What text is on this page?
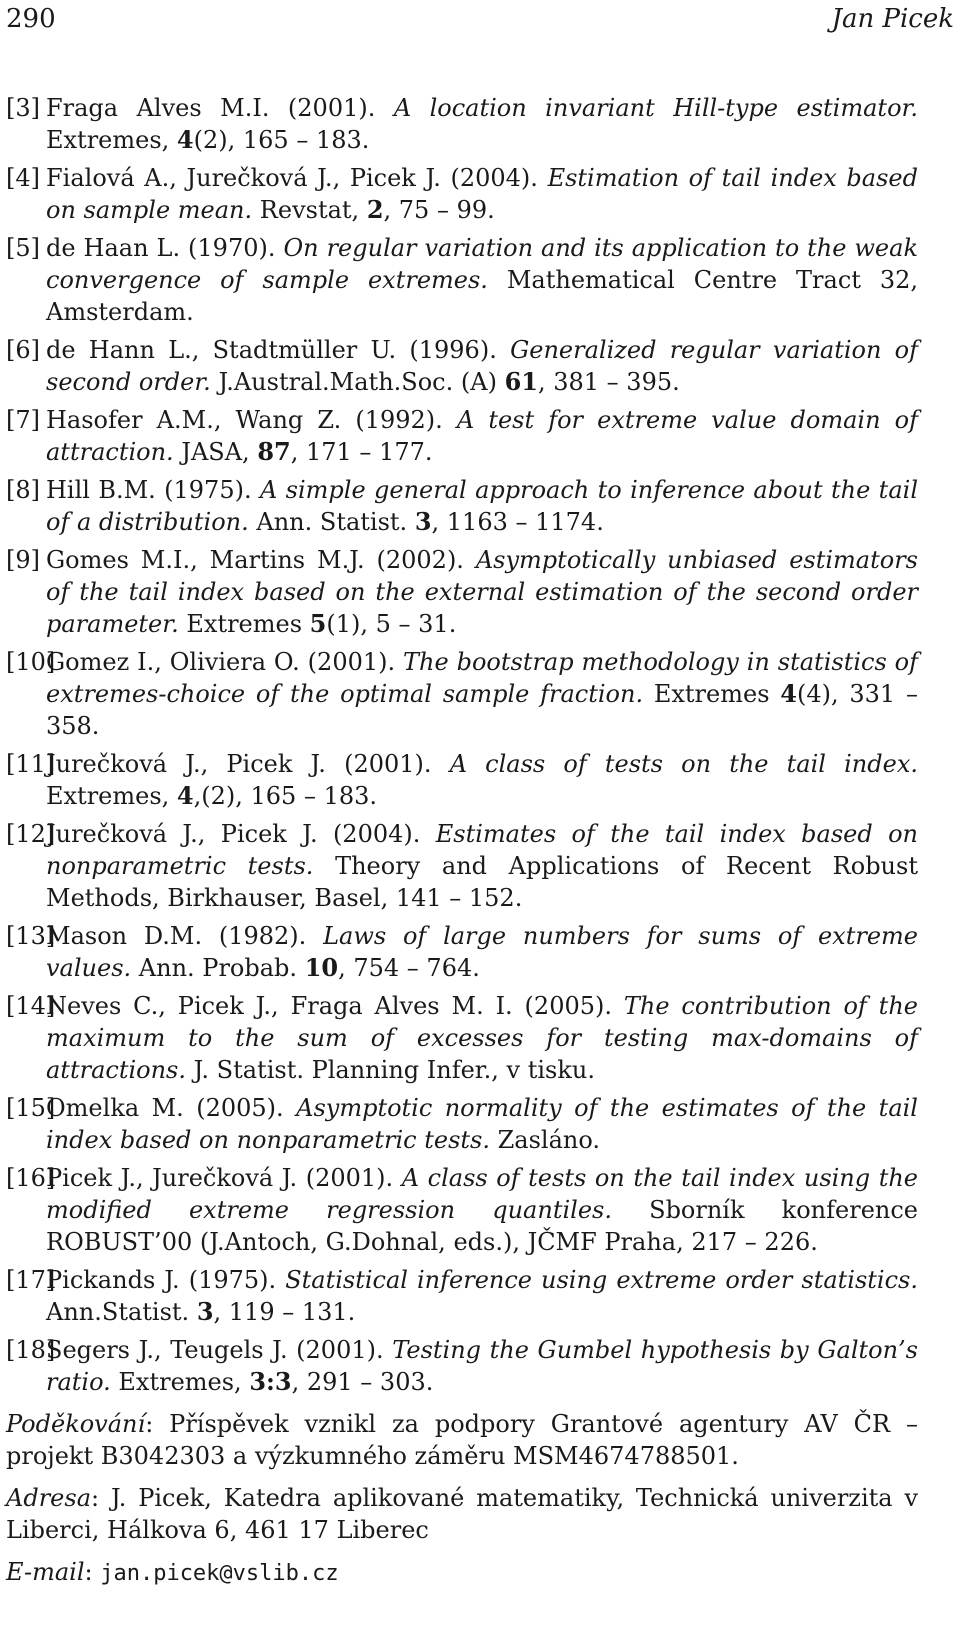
290	Jan Picek

[3] Fraga Alves M.I. (2001). A location invariant Hill-type estimator. Extremes, 4(2), 165 – 183.

[4] Fialová A., Jurečková J., Picek J. (2004). Estimation of tail index based on sample mean. Revstat, 2, 75 – 99.

[5] de Haan L. (1970). On regular variation and its application to the weak convergence of sample extremes. Mathematical Centre Tract 32, Amsterdam.

[6] de Hann L., Stadtmüller U. (1996). Generalized regular variation of second order. J.Austral.Math.Soc. (A) 61, 381 – 395.

[7] Hasofer A.M., Wang Z. (1992). A test for extreme value domain of attraction. JASA, 87, 171 – 177.

[8] Hill B.M. (1975). A simple general approach to inference about the tail of a distribution. Ann. Statist. 3, 1163 – 1174.

[9] Gomes M.I., Martins M.J. (2002). Asymptotically unbiased estimators of the tail index based on the external estimation of the second order parameter. Extremes 5(1), 5 – 31.

[10]
Gomez I., Oliviera O. (2001). The bootstrap methodology in statistics of extremes-choice of the optimal sample fraction. Extremes 4(4), 331 – 358.

[11]
Jurečková J., Picek J. (2001). A class of tests on the tail index. Extremes, 4,(2), 165 – 183.

[12]
Jurečková J., Picek J. (2004). Estimates of the tail index based on nonparametric tests. Theory and Applications of Recent Robust Methods, Birkhauser, Basel, 141 – 152.

[13]
Mason D.M. (1982). Laws of large numbers for sums of extreme values. Ann. Probab. 10, 754 – 764.

[14]
Neves C., Picek J., Fraga Alves M. I. (2005). The contribution of the maximum to the sum of excesses for testing max-domains of attractions. J. Statist. Planning Infer., v tisku.

[15]
Omelka M. (2005). Asymptotic normality of the estimates of the tail index based on nonparametric tests. Zasláno.

[16]
Picek J., Jurečková J. (2001). A class of tests on the tail index using the modified extreme regression quantiles. Sborník konference ROBUST’00 (J.Antoch, G.Dohnal, eds.), JČMF Praha, 217 – 226.

[17]
Pickands J. (1975). Statistical inference using extreme order statistics. Ann.Statist. 3, 119 – 131.

[18]
Segers J., Teugels J. (2001). Testing the Gumbel hypothesis by Galton’s ratio. Extremes, 3:3, 291 – 303.

Poděkování: Příspěvek vznikl za podpory Grantové agentury AV ČR – projekt B3042303 a výzkumného záměru MSM4674788501.

Adresa: J. Picek, Katedra aplikované matematiky, Technická univerzita v Liberci, Hálkova 6, 461 17 Liberec

E-mail: jan.picek@vslib.cz
